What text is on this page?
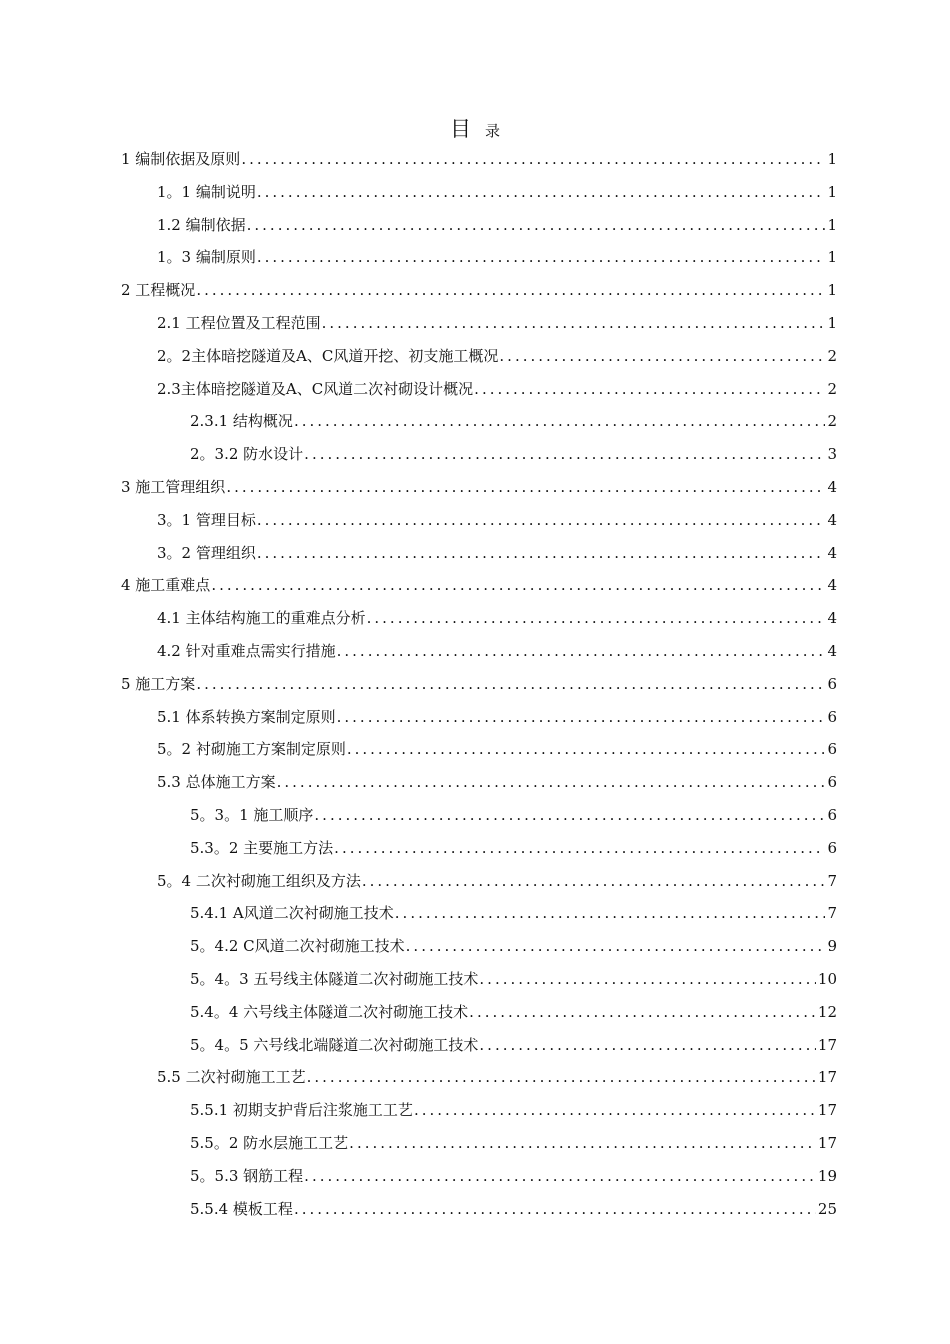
目 录
1 编制依据及原则 .....	1
1。1 编制说明 .....	1
1.2 编制依据 .....	1
1。3 编制原则 .....	1
2 工程概况 .....	1
2.1 工程位置及工程范围 .....	1
2。2主体暗挖隧道及A、C风道开挖、初支施工概况 .....	2
2.3主体暗挖隧道及A、C风道二次衬砌设计概况 .....	2
2.3.1 结构概况 .....	2
2。3.2 防水设计 .....	3
3 施工管理组织 .....	4
3。1 管理目标 .....	4
3。2 管理组织 .....	4
4 施工重难点 .....	4
4.1 主体结构施工的重难点分析 .....	4
4.2 针对重难点需实行措施 .....	4
5 施工方案 .....	6
5.1 体系转换方案制定原则 .....	6
5。2 衬砌施工方案制定原则 .....	6
5.3 总体施工方案 .....	6
5。3。1 施工顺序 .....	6
5.3。2 主要施工方法 .....	6
5。4 二次衬砌施工组织及方法 .....	7
5.4.1 A风道二次衬砌施工技术 .....	7
5。4.2 C风道二次衬砌施工技术 .....	9
5。4。3 五号线主体隧道二次衬砌施工技术 .....	10
5.4。4 六号线主体隧道二次衬砌施工技术 .....	12
5。4。5 六号线北端隧道二次衬砌施工技术 .....	17
5.5 二次衬砌施工工艺 .....	17
5.5.1 初期支护背后注浆施工工艺 .....	17
5.5。2 防水层施工工艺 .....	17
5。5.3 钢筋工程 .....	19
5.5.4 模板工程 .....	25
